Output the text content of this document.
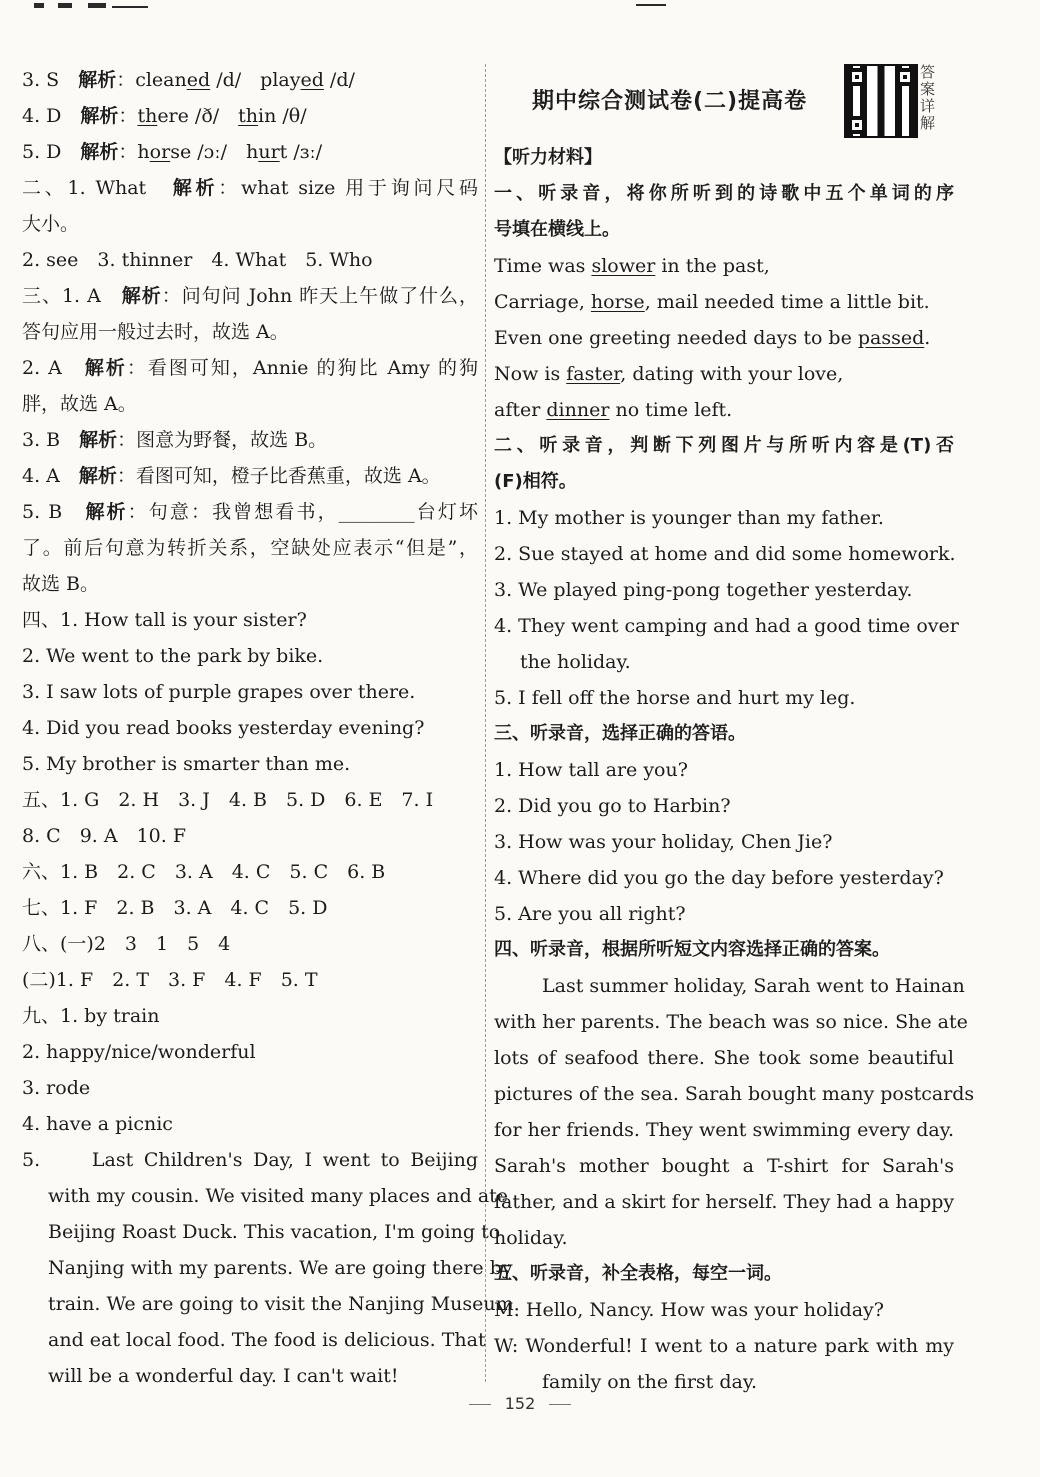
3. S　解析：cleaned /d/　played /d/
4. D　解析：there /ð/　thin /θ/
5. D　解析：horse /ɔː/　hurt /ɜː/
二、1. What　解析：what size 用于询问尺码
大小。
2. see　3. thinner　4. What　5. Who
三、1. A　解析：问句问 John 昨天上午做了什么，
答句应用一般过去时，故选 A。
2. A　解析：看图可知，Annie 的狗比 Amy 的狗
胖，故选 A。
3. B　解析：图意为野餐，故选 B。
4. A　解析：看图可知，橙子比香蕉重，故选 A。
5. B　解析：句意：我曾想看书，________台灯坏
了。前后句意为转折关系，空缺处应表示“但是”，
故选 B。
四、1. How tall is your sister?
2. We went to the park by bike.
3. I saw lots of purple grapes over there.
4. Did you read books yesterday evening?
5. My brother is smarter than me.
五、1. G　2. H　3. J　4. B　5. D　6. E　7. I
8. C　9. A　10. F
六、1. B　2. C　3. A　4. C　5. C　6. B
七、1. F　2. B　3. A　4. C　5. D
八、(一)2　3　1　5　4
(二)1. F　2. T　3. F　4. F　5. T
九、1. by train
2. happy/nice/wonderful
3. rode
4. have a picnic
5.　　Last Children's Day, I went to Beijing
with my cousin. We visited many places and ate
Beijing Roast Duck. This vacation, I'm going to
Nanjing with my parents. We are going there by
train. We are going to visit the Nanjing Museum
and eat local food. The food is delicious. That
will be a wonderful day. I can't wait!
期中综合测试卷(二)提高卷
答案详解
【听力材料】
一、听录音，将你所听到的诗歌中五个单词的序
号填在横线上。
Time was slower in the past,
Carriage, horse, mail needed time a little bit.
Even one greeting needed days to be passed.
Now is faster, dating with your love,
after dinner no time left.
二、听录音，判断下列图片与所听内容是(T)否
(F)相符。
1. My mother is younger than my father.
2. Sue stayed at home and did some homework.
3. We played ping-pong together yesterday.
4. They went camping and had a good time over
the holiday.
5. I fell off the horse and hurt my leg.
三、听录音，选择正确的答语。
1. How tall are you?
2. Did you go to Harbin?
3. How was your holiday, Chen Jie?
4. Where did you go the day before yesterday?
5. Are you all right?
四、听录音，根据所听短文内容选择正确的答案。
Last summer holiday, Sarah went to Hainan
with her parents. The beach was so nice. She ate
lots of seafood there. She took some beautiful
pictures of the sea. Sarah bought many postcards
for her friends. They went swimming every day.
Sarah's mother bought a T-shirt for Sarah's
father, and a skirt for herself. They had a happy
holiday.
五、听录音，补全表格，每空一词。
M: Hello, Nancy. How was your holiday?
W: Wonderful! I went to a nature park with my
family on the first day.
152
